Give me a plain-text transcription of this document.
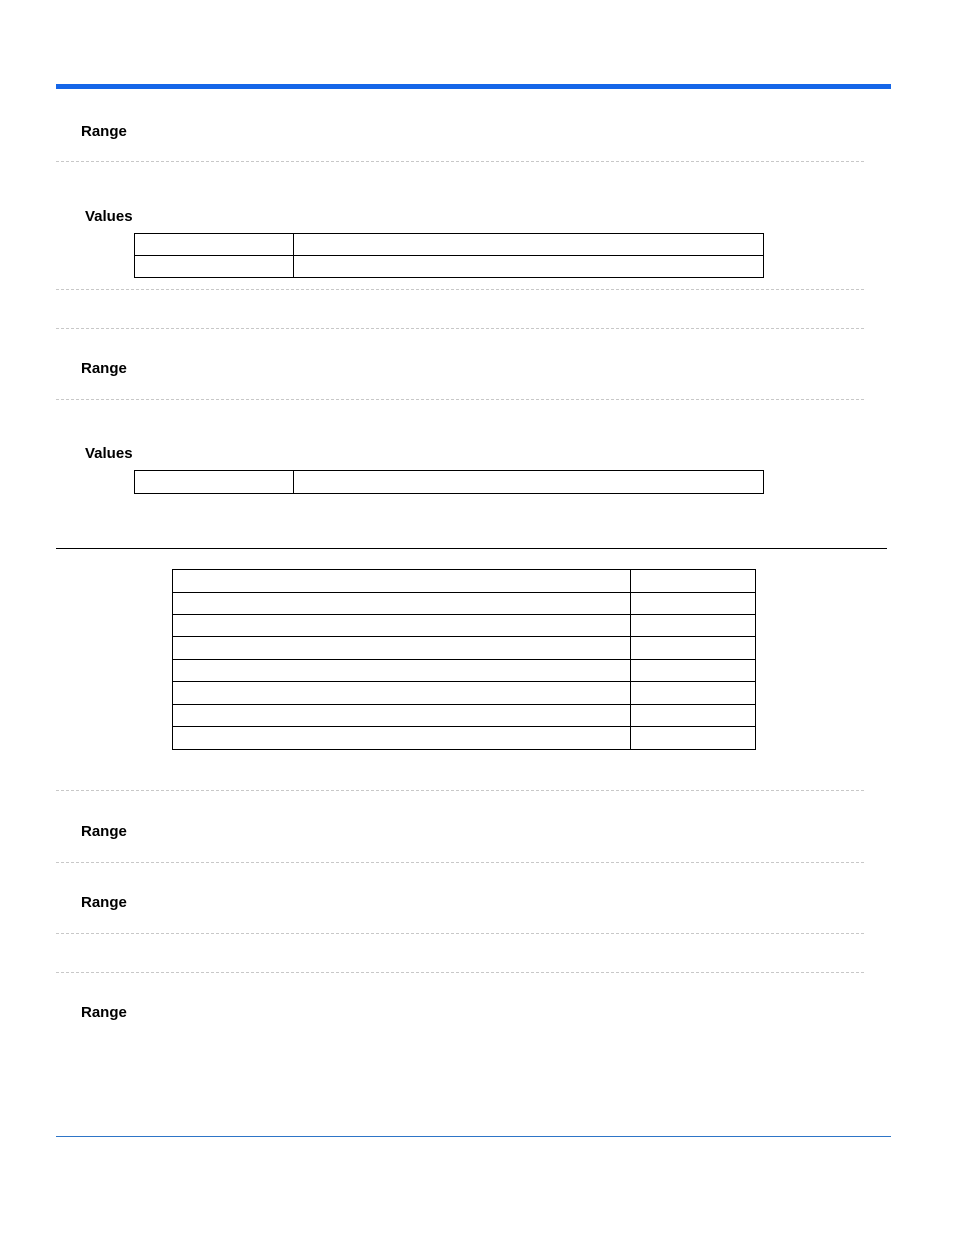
Range
Values

Range
Values

Range
Range
Range
